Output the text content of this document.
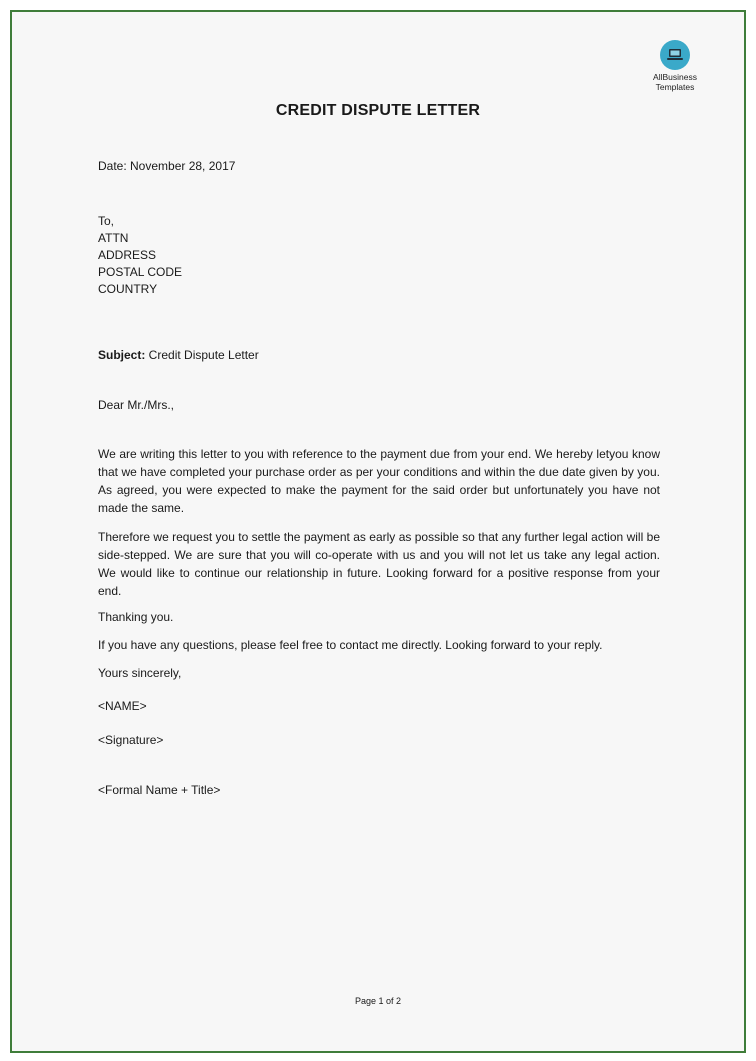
AllBusiness
Templates
CREDIT DISPUTE LETTER
Date: November 28, 2017
To,
ATTN
ADDRESS
POSTAL CODE
COUNTRY
Subject: Credit Dispute Letter
Dear Mr./Mrs.,
We are writing this letter to you with reference to the payment due from your end. We hereby letyou know that we have completed your purchase order as per your conditions and within the due date given by you. As agreed, you were expected to make the payment for the said order but unfortunately you have not made the same.
Therefore we request you to settle the payment as early as possible so that any further legal action will be side-stepped. We are sure that you will co-operate with us and you will not let us take any legal action. We would like to continue our relationship in future. Looking forward for a positive response from your end.
Thanking you.
If you have any questions, please feel free to contact me directly. Looking forward to your reply.
Yours sincerely,
<NAME>
<Signature>
<Formal Name + Title>
Page 1 of 2
